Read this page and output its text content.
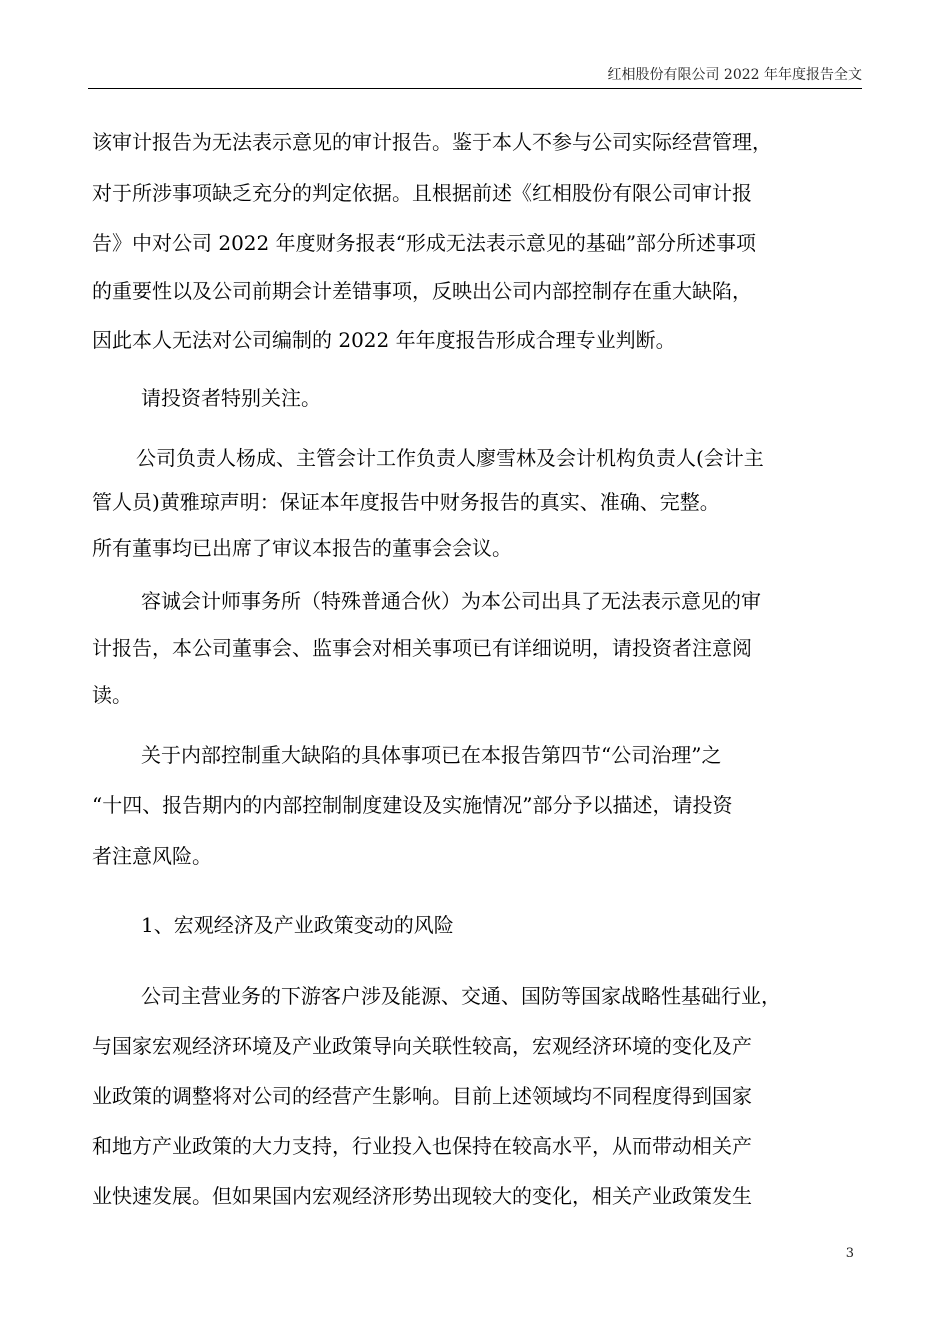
红相股份有限公司 2022 年年度报告全文
该审计报告为无法表示意见的审计报告。鉴于本人不参与公司实际经营管理，
对于所涉事项缺乏充分的判定依据。且根据前述《红相股份有限公司审计报
告》中对公司 2022 年度财务报表“形成无法表示意见的基础”部分所述事项
的重要性以及公司前期会计差错事项，反映出公司内部控制存在重大缺陷，
因此本人无法对公司编制的 2022 年年度报告形成合理专业判断。
请投资者特别关注。
公司负责人杨成、主管会计工作负责人廖雪林及会计机构负责人(会计主
管人员)黄雅琼声明：保证本年度报告中财务报告的真实、准确、完整。
所有董事均已出席了审议本报告的董事会会议。
容诚会计师事务所（特殊普通合伙）为本公司出具了无法表示意见的审
计报告，本公司董事会、监事会对相关事项已有详细说明，请投资者注意阅
读。
关于内部控制重大缺陷的具体事项已在本报告第四节“公司治理”之
“十四、报告期内的内部控制制度建设及实施情况”部分予以描述，请投资
者注意风险。
1、宏观经济及产业政策变动的风险
公司主营业务的下游客户涉及能源、交通、国防等国家战略性基础行业，
与国家宏观经济环境及产业政策导向关联性较高，宏观经济环境的变化及产
业政策的调整将对公司的经营产生影响。目前上述领域均不同程度得到国家
和地方产业政策的大力支持，行业投入也保持在较高水平，从而带动相关产
业快速发展。但如果国内宏观经济形势出现较大的变化，相关产业政策发生
3
